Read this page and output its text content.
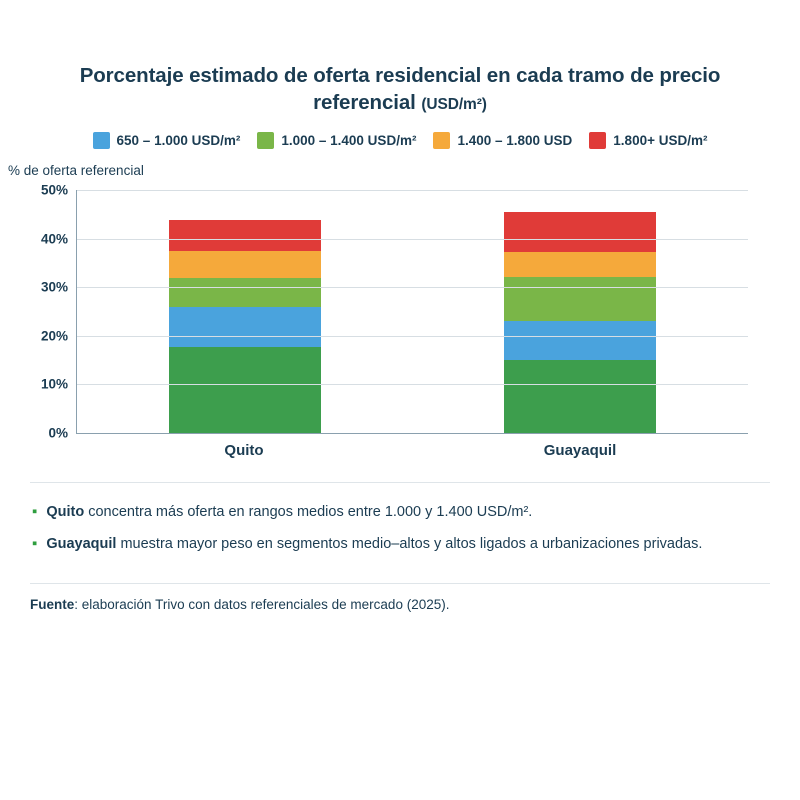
Porcentaje estimado de oferta residencial en cada tramo de precio referencial (USD/m²)
650 – 1.000 USD/m²	1.000 – 1.400 USD/m²	1.400 – 1.800 USD	1.800+ USD/m²
% de oferta referencial
50%
40%
30%
20%
10%
0%
Quito	Guayaquil
▪ Quito concentra más oferta en rangos medios entre 1.000 y 1.400 USD/m².
▪ Guayaquil muestra mayor peso en segmentos medio–altos y altos ligados a urbanizaciones privadas.
Fuente: elaboración Trivo con datos referenciales de mercado (2025).
